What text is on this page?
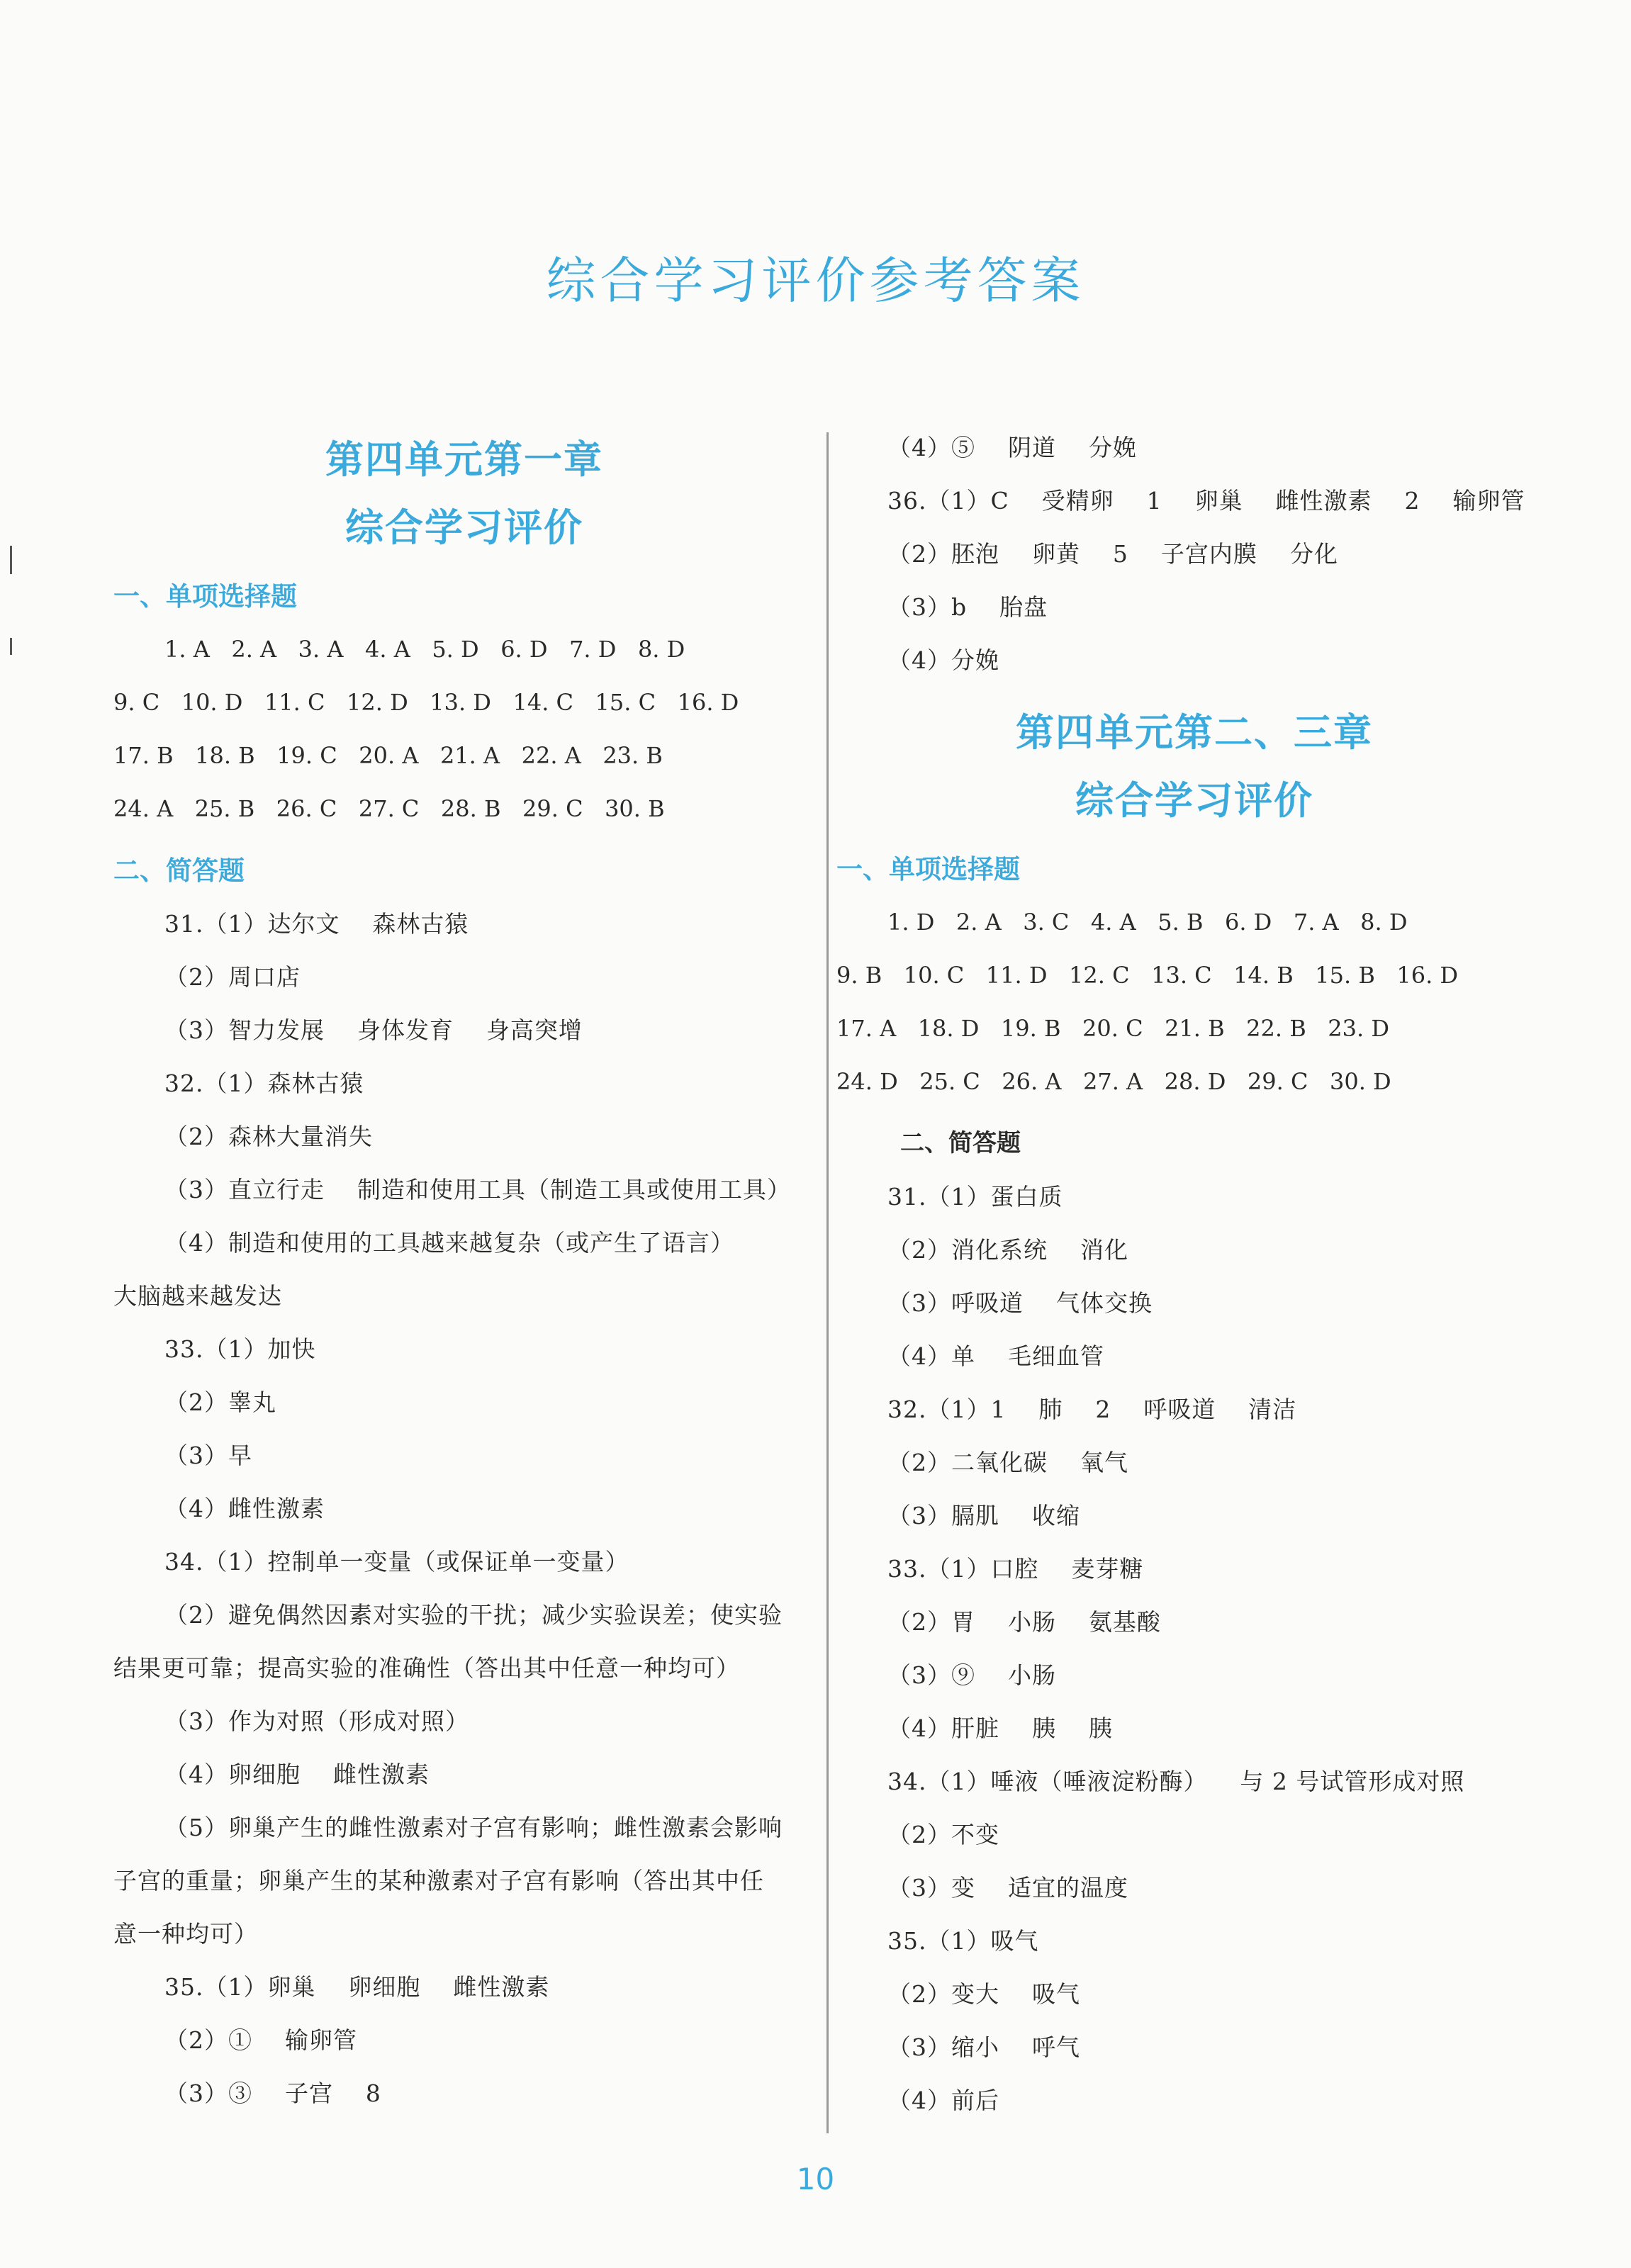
综合学习评价参考答案
第四单元第一章
综合学习评价
一、单项选择题
1. A   2. A   3. A   4. A   5. D   6. D   7. D   8. D
9. C   10. D   11. C   12. D   13. D   14. C   15. C   16. D
17. B   18. B   19. C   20. A   21. A   22. A   23. B
24. A   25. B   26. C   27. C   28. B   29. C   30. B
二、简答题
31.（1）达尔文    森林古猿
（2）周口店
（3）智力发展    身体发育    身高突增
32.（1）森林古猿
（2）森林大量消失
（3）直立行走    制造和使用工具（制造工具或使用工具）
（4）制造和使用的工具越来越复杂（或产生了语言）
大脑越来越发达
33.（1）加快
（2）睾丸
（3）早
（4）雌性激素
34.（1）控制单一变量（或保证单一变量）
（2）避免偶然因素对实验的干扰；减少实验误差；使实验
结果更可靠；提高实验的准确性（答出其中任意一种均可）
（3）作为对照（形成对照）
（4）卵细胞    雌性激素
（5）卵巢产生的雌性激素对子宫有影响；雌性激素会影响
子宫的重量；卵巢产生的某种激素对子宫有影响（答出其中任
意一种均可）
35.（1）卵巢    卵细胞    雌性激素
（2）①    输卵管
（3）③    子宫    8
（4）⑤    阴道    分娩
36.（1）C    受精卵    1    卵巢    雌性激素    2    输卵管
（2）胚泡    卵黄    5    子宫内膜    分化
（3）b    胎盘
（4）分娩
第四单元第二、三章
综合学习评价
一、单项选择题
1. D   2. A   3. C   4. A   5. B   6. D   7. A   8. D
9. B   10. C   11. D   12. C   13. C   14. B   15. B   16. D
17. A   18. D   19. B   20. C   21. B   22. B   23. D
24. D   25. C   26. A   27. A   28. D   29. C   30. D
二、简答题
31.（1）蛋白质
（2）消化系统    消化
（3）呼吸道    气体交换
（4）单    毛细血管
32.（1）1    肺    2    呼吸道    清洁
（2）二氧化碳    氧气
（3）膈肌    收缩
33.（1）口腔    麦芽糖
（2）胃    小肠    氨基酸
（3）⑨    小肠
（4）肝脏    胰    胰
34.（1）唾液（唾液淀粉酶）    与 2 号试管形成对照
（2）不变
（3）变    适宜的温度
35.（1）吸气
（2）变大    吸气
（3）缩小    呼气
（4）前后
10
